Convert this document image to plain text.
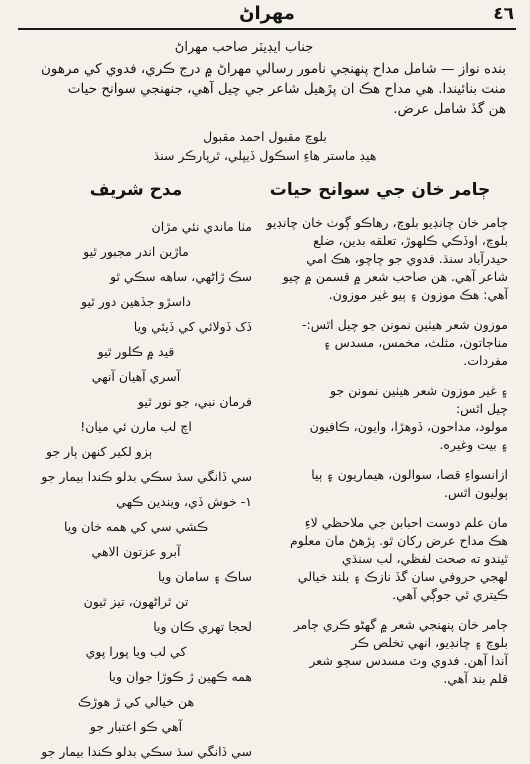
٤٦
مهراڻ
جناب ايڊيٽر صاحب مهراڻ

بنده نواز — شامل مداح پنهنجي نامور رسالي مهراڻ ۾ درج ڪري، فدوي کي مرهون

منت بنائيندا. هي مداح هڪ ان پڙهيل شاعر جي چيل آهي، جنهنجي سوانح حيات

هن گڏ شامل عرض.

بلوچ مقبول احمد مقبول
هيڊ ماستر هاءِ اسڪول ڏيپلي، ٿرپارڪر سنڌ
ڄامر خان جي سوانح حيات

ڄامر خان چانڊيو بلوچ، رهاڪو ڳوٺ خان چانڊيو

بلوچ، اوڏڪي ڪلهوڙ، تعلقه بدين، ضلع

حيدرآباد سنڌ. فدوي جو چاچو، هڪ امي

شاعر آهي. هن صاحب شعر ۾ قسمن ۾ چيو

آهي: هڪ موزون ۽ ٻيو غير موزون.

موزون شعر هيٺين نمونن جو چيل اٿس:-

مناجاتون، مثلث، مخمس، مسدس ۽

مفردات.

۽ غير موزون شعر هيٺين نمونن جو

چيل اٿس:

مولود، مداحون، ڏوهڙا، وايون، ڪافيون

۽ بيت وغيره.

ازانسواءِ قصا، سوالون، هيماريون ۽ ٻيا

ٻوليون اٿس.

مان علم دوست احبابن جي ملاحظي لاءِ

هڪ مداح عرض رکان ٿو. پڙهڻ مان معلوم

ٿيندو ته صحت لفظي، لب سنڌي

لهجي حروفي سان گڏ نازڪ ۽ بلند خيالي

ڪيتري ٿي جوڳي آهي.

ڄامر خان پنهنجي شعر ۾ گهڻو ڪري ڄامر

بلوچ ۽ چانڊيو، انهي تخلص ڪر

آندا آهن. فدوي وٽ مسدس سڄو شعر

قلم بند آهي.

مدح شريف

مٺا ماندي نئي مڙان

ماڙين اندر مجبور ٿيو

سڪ ڙاڻهي، ساهه سڪي ٿو

داسڙو جڏهين دور ٿيو

ڏک ڏولائي کي ڏيئي ويا

قيد ۾ ڪلور ٿيو

آسري آهيان آنهي

فرمان نبي، جو نور ٿيو

اچ لب مارن ئي ميان!

ٻزو لکير کنهن ٻار جو

سي ڏانگي سڌ سڪي بدلو ڪندا بيمار جو

١- خوش ڏي، ويندين ڪهي

ڪشي سي کي همه خان ويا

آبرو عزتون الاهي

ساڪ ۽ سامان ويا

تن ٿراڻهون، تيز ٿيون

لحجا تهري ڪان ويا

کي لب ويا پورا پوي

همه ڪهين ڙ ڪوڙا جوان ويا

هن خيالي کي ڙ هوڙڪ

آهي ڪو اعتبار جو

سي ڏانگي سڌ سڪي بدلو ڪندا بيمار جو
